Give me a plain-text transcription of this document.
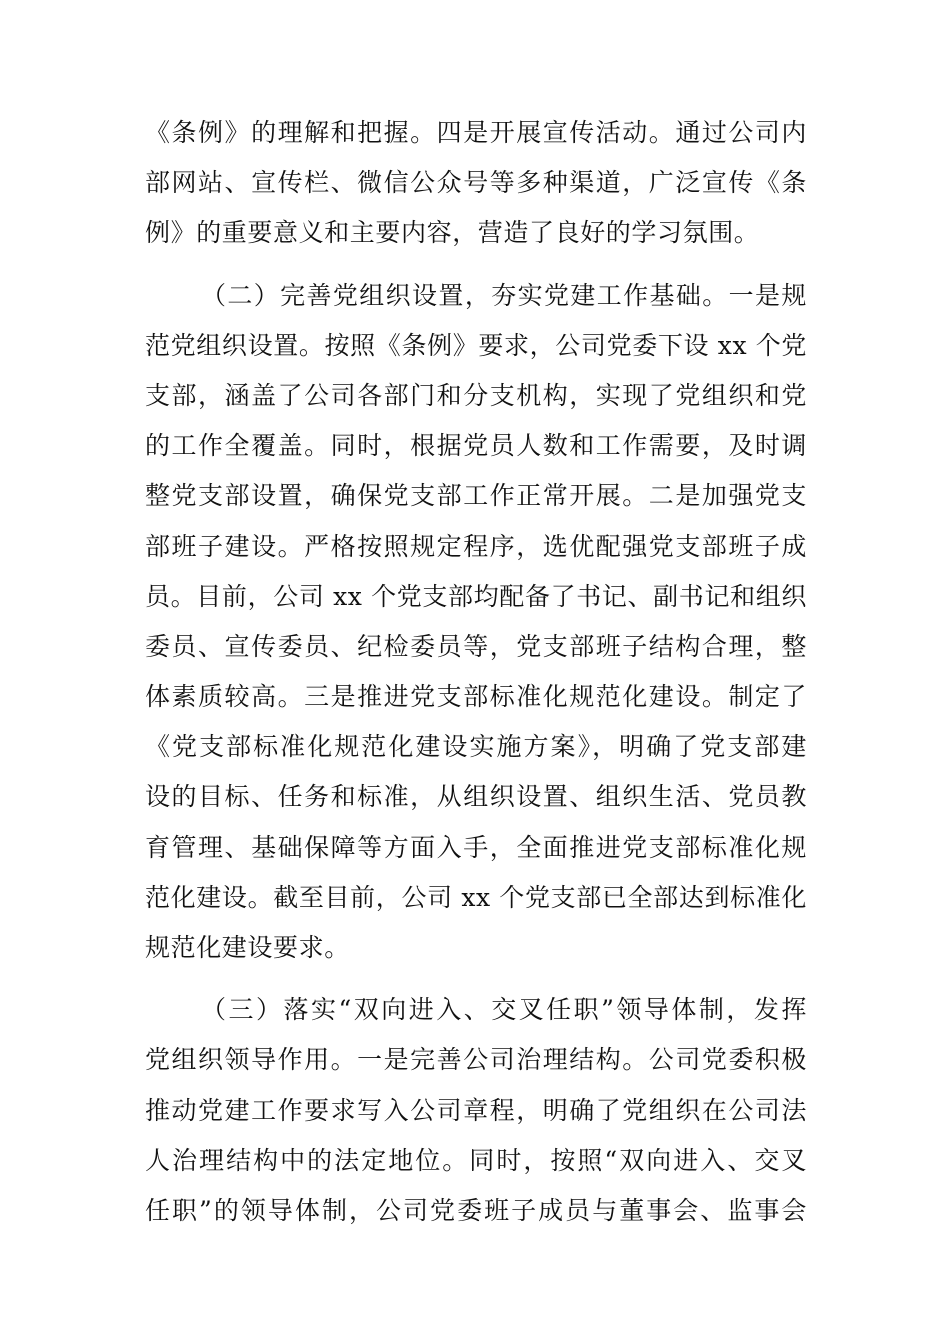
《条例》的理解和把握。四是开展宣传活动。通过公司内
部网站、宣传栏、微信公众号等多种渠道，广泛宣传《条
例》的重要意义和主要内容，营造了良好的学习氛围。
（二）完善党组织设置，夯实党建工作基础。一是规
范党组织设置。按照《条例》要求，公司党委下设 xx 个党
支部，涵盖了公司各部门和分支机构，实现了党组织和党
的工作全覆盖。同时，根据党员人数和工作需要，及时调
整党支部设置，确保党支部工作正常开展。二是加强党支
部班子建设。严格按照规定程序，选优配强党支部班子成
员。目前，公司 xx 个党支部均配备了书记、副书记和组织
委员、宣传委员、纪检委员等，党支部班子结构合理，整
体素质较高。三是推进党支部标准化规范化建设。制定了
《党支部标准化规范化建设实施方案》，明确了党支部建
设的目标、任务和标准，从组织设置、组织生活、党员教
育管理、基础保障等方面入手，全面推进党支部标准化规
范化建设。截至目前，公司 xx 个党支部已全部达到标准化
规范化建设要求。
（三）落实“双向进入、交叉任职”领导体制，发挥
党组织领导作用。一是完善公司治理结构。公司党委积极
推动党建工作要求写入公司章程，明确了党组织在公司法
人治理结构中的法定地位。同时，按照“双向进入、交叉
任职”的领导体制，公司党委班子成员与董事会、监事会
